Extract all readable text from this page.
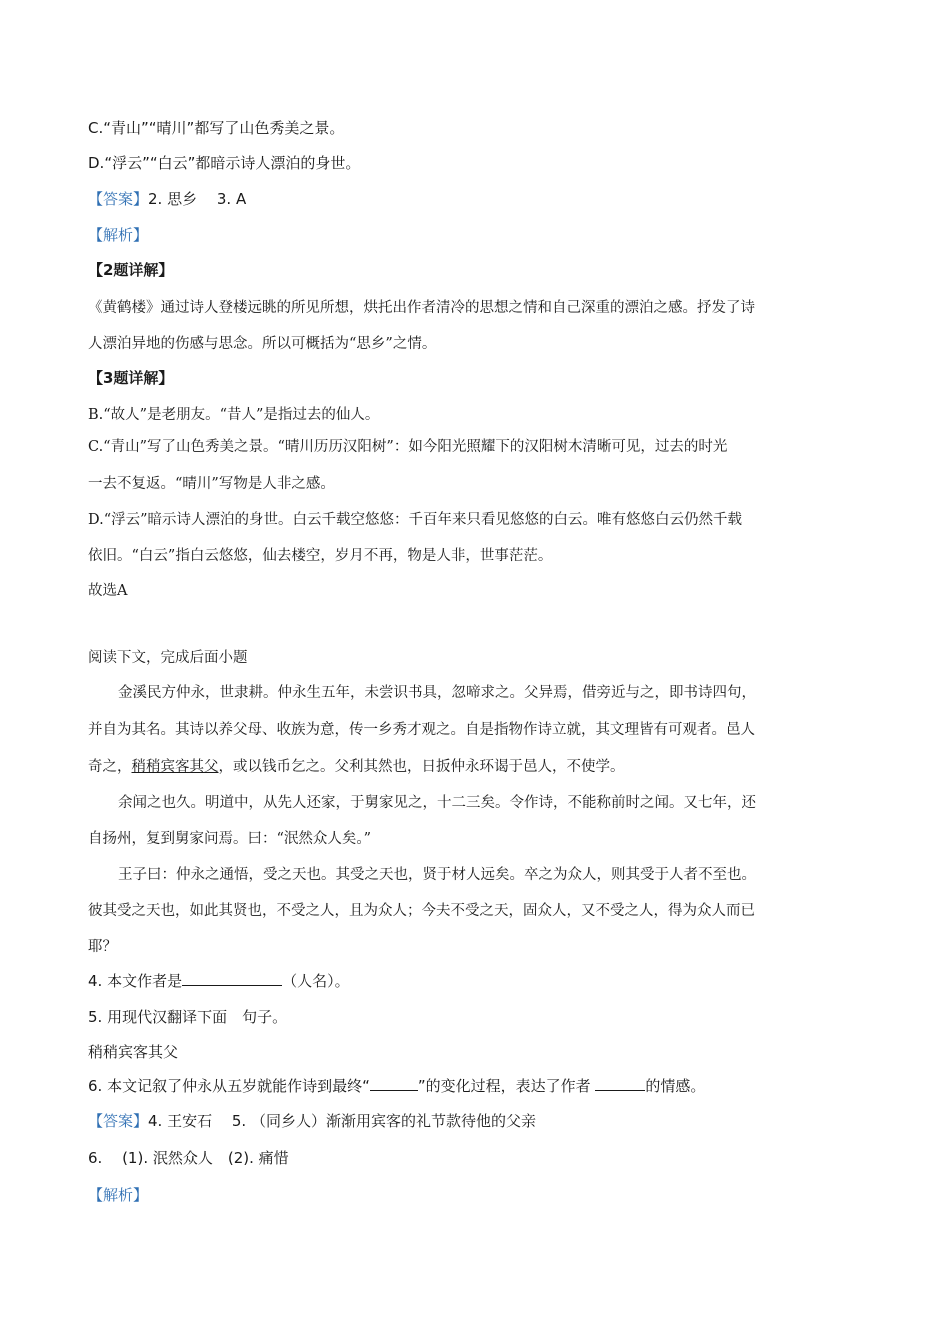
C.“青山”“晴川”都写了山色秀美之景。
D.“浮云”“白云”都暗示诗人漂泊的身世。
【答案】2. 思乡　 3. A
【解析】
【2题详解】
《黄鹤楼》通过诗人登楼远眺的所见所想，烘托出作者清冷的思想之情和自己深重的漂泊之感。抒发了诗
人漂泊异地的伤感与思念。所以可概括为“思乡”之情。
【3题详解】
B.“故人”是老朋友。“昔人”是指过去的仙人。
C.“青山”写了山色秀美之景。“晴川历历汉阳树”：如今阳光照耀下的汉阳树木清晰可见，过去的时光
一去不复返。“晴川”写物是人非之感。
D.“浮云”暗示诗人漂泊的身世。白云千载空悠悠：千百年来只看见悠悠的白云。唯有悠悠白云仍然千载
依旧。“白云”指白云悠悠，仙去楼空，岁月不再，物是人非，世事茫茫。
故选A
阅读下文，完成后面小题
金溪民方仲永，世隶耕。仲永生五年，未尝识书具，忽啼求之。父异焉，借旁近与之，即书诗四句，
并自为其名。其诗以养父母、收族为意，传一乡秀才观之。自是指物作诗立就，其文理皆有可观者。邑人
奇之，稍稍宾客其父，或以钱币乞之。父利其然也，日扳仲永环谒于邑人，不使学。
余闻之也久。明道中，从先人还家，于舅家见之，十二三矣。令作诗，不能称前时之闻。又七年，还
自扬州，复到舅家问焉。曰：“泯然众人矣。”
王子曰：仲永之通悟，受之天也。其受之天也，贤于材人远矣。卒之为众人，则其受于人者不至也。
彼其受之天也，如此其贤也，不受之人，且为众人；今夫不受之天，固众人，又不受之人，得为众人而已
耶？
4. 本文作者是	（人名）。
5. 用现代汉翻译下面　句子。
稍稍宾客其父
6. 本文记叙了仲永从五岁就能作诗到最终“	”的变化过程，表达了作者	的情感。
【答案】4. 王安石　 5. （同乡人）渐渐用宾客的礼节款待他的父亲
6.　 (1). 泯然众人　(2). 痛惜
【解析】
